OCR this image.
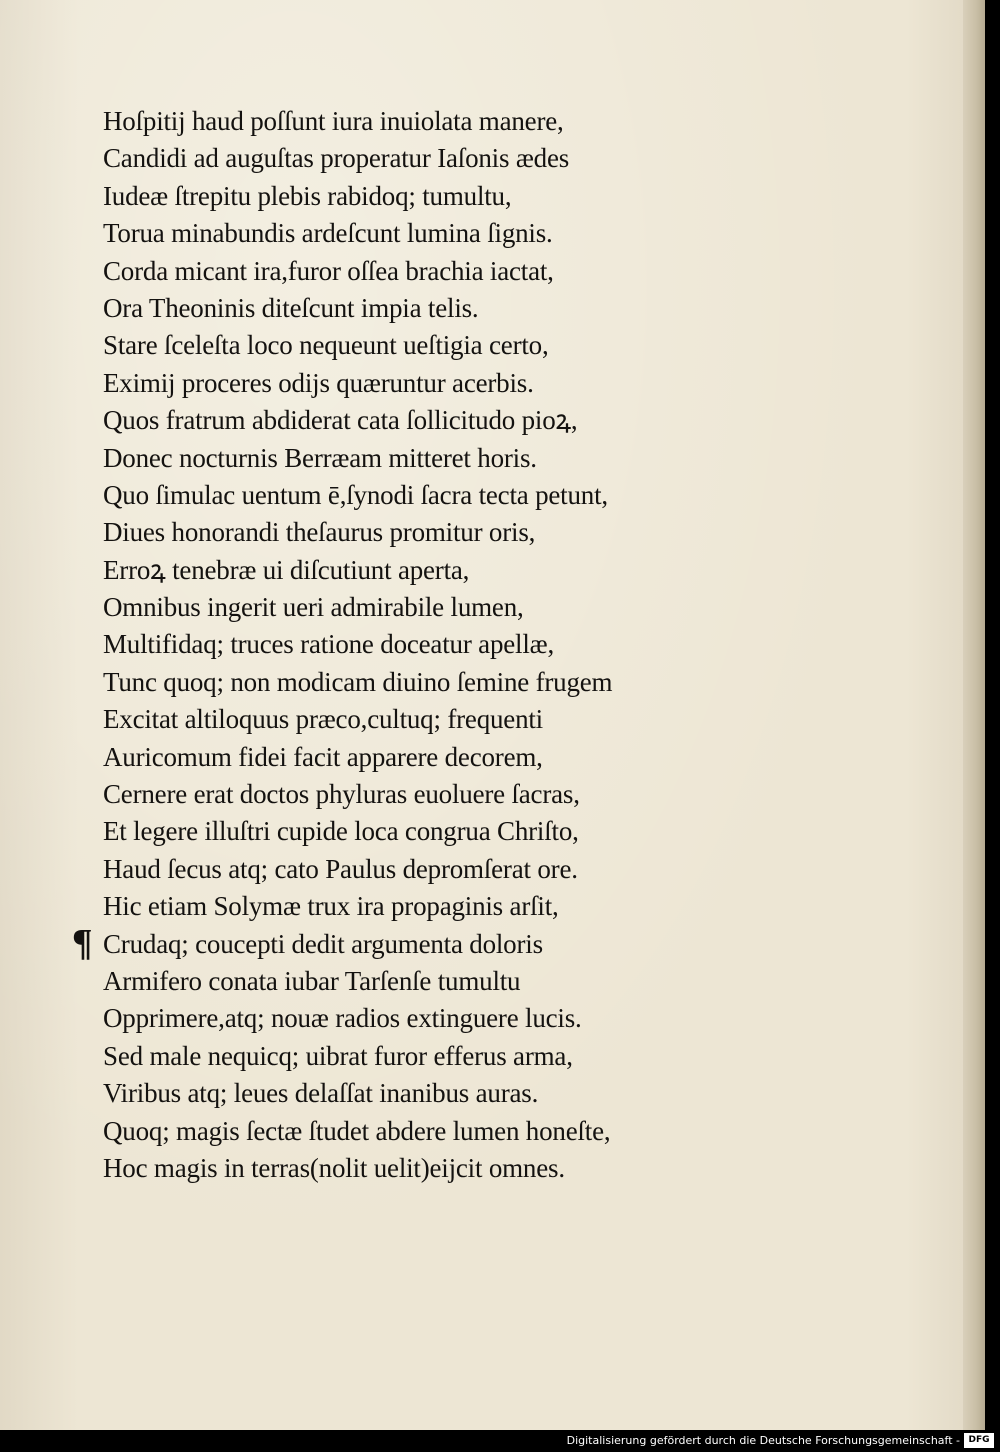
¶
Hoſpitij haud poſſunt iura inuiolata manere,
Candidi ad auguſtas properatur Iaſonis ædes
Iudeæ ſtrepitu plebis rabidoq; tumultu,
Torua minabundis ardeſcunt lumina ſignis.
Corda micant ira,furor oſſea brachia iactat,
Ora Theoninis diteſcunt impia telis.
Stare ſceleſta loco nequeunt ueſtigia certo,
Eximij proceres odijs quæruntur acerbis.
Quos fratrum abdiderat cata ſollicitudo pioꝝ,
Donec nocturnis Berræam mitteret horis.
Quo ſimulac uentum ē,ſynodi ſacra tecta petunt,
Diues honorandi theſaurus promitur oris,
Erroꝝ tenebræ ui diſcutiunt aperta,
Omnibus ingerit ueri admirabile lumen,
Multifidaq; truces ratione doceatur apellæ,
Tunc quoq; non modicam diuino ſemine frugem
Excitat altiloquus præco,cultuq; frequenti
Auricomum fidei facit apparere decorem,
Cernere erat doctos phyluras euoluere ſacras,
Et legere illuſtri cupide loca congrua Chriſto,
Haud ſecus atq; cato Paulus depromſerat ore.
Hic etiam Solymæ trux ira propaginis arſit,
Crudaq; coucepti dedit argumenta doloris
Armifero conata iubar Tarſenſe tumultu
Opprimere,atq; nouæ radios extinguere lucis.
Sed male nequicq; uibrat furor efferus arma,
Viribus atq; leues delaſſat inanibus auras.
Quoq; magis ſectæ ſtudet abdere lumen honeſte,
Hoc magis in terras(nolit uelit)eijcit omnes.
Digitalisierung gefördert durch die Deutsche Forschungsgemeinschaft - DFG
